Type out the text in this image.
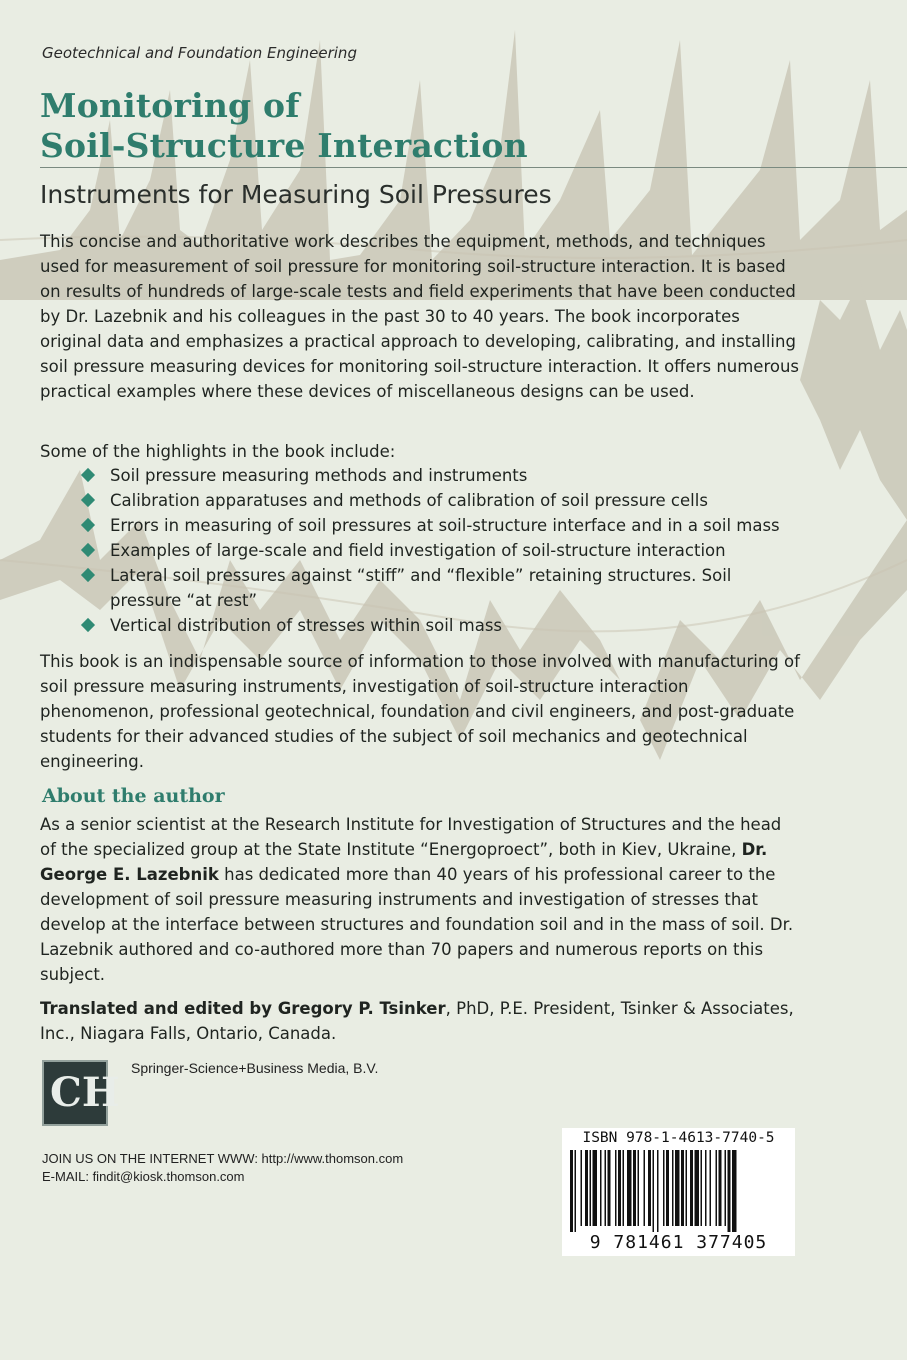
Geotechnical and Foundation Engineering
Monitoring of
Soil-Structure Interaction
Instruments for Measuring Soil Pressures

This concise and authoritative work describes the equipment, methods, and techniques used for measurement of soil pressure for monitoring soil-structure interaction. It is based on results of hundreds of large-scale tests and field experiments that have been conducted by Dr. Lazebnik and his colleagues in the past 30 to 40 years. The book incorporates original data and emphasizes a practical approach to developing, calibrating, and installing soil pressure measuring devices for monitoring soil-structure interaction. It offers numerous practical examples where these devices of miscellaneous designs can be used.

Some of the highlights in the book include:

Soil pressure measuring methods and instruments
Calibration apparatuses and methods of calibration of soil pressure cells
Errors in measuring of soil pressures at soil-structure interface and in a soil mass
Examples of large-scale and field investigation of soil-structure interaction
Lateral soil pressures against “stiff” and “flexible” retaining structures. Soil pressure “at rest”
Vertical distribution of stresses within soil mass

This book is an indispensable source of information to those involved with manufacturing of soil pressure measuring instruments, investigation of soil-structure interaction phenomenon, professional geotechnical, foundation and civil engineers, and post-graduate students for their advanced studies of the subject of soil mechanics and geotechnical engineering.

About the author

As a senior scientist at the Research Institute for Investigation of Structures and the head of the specialized group at the State Institute “Energoproect”, both in Kiev, Ukraine, Dr. George E. Lazebnik has dedicated more than 40 years of his professional career to the development of soil pressure measuring instruments and investigation of stresses that develop at the interface between structures and foundation soil and in the mass of soil. Dr. Lazebnik authored and co-authored more than 70 papers and numerous reports on this subject.

Translated and edited by Gregory P. Tsinker, PhD, P.E. President, Tsinker & Associates, Inc., Niagara Falls, Ontario, Canada.

CH
Springer-Science+Business Media, B.V.
JOIN US ON THE INTERNET WWW: http://www.thomson.com
E-MAIL: findit@kiosk.thomson.com
ISBN 978-1-4613-7740-5
9 781461 377405
